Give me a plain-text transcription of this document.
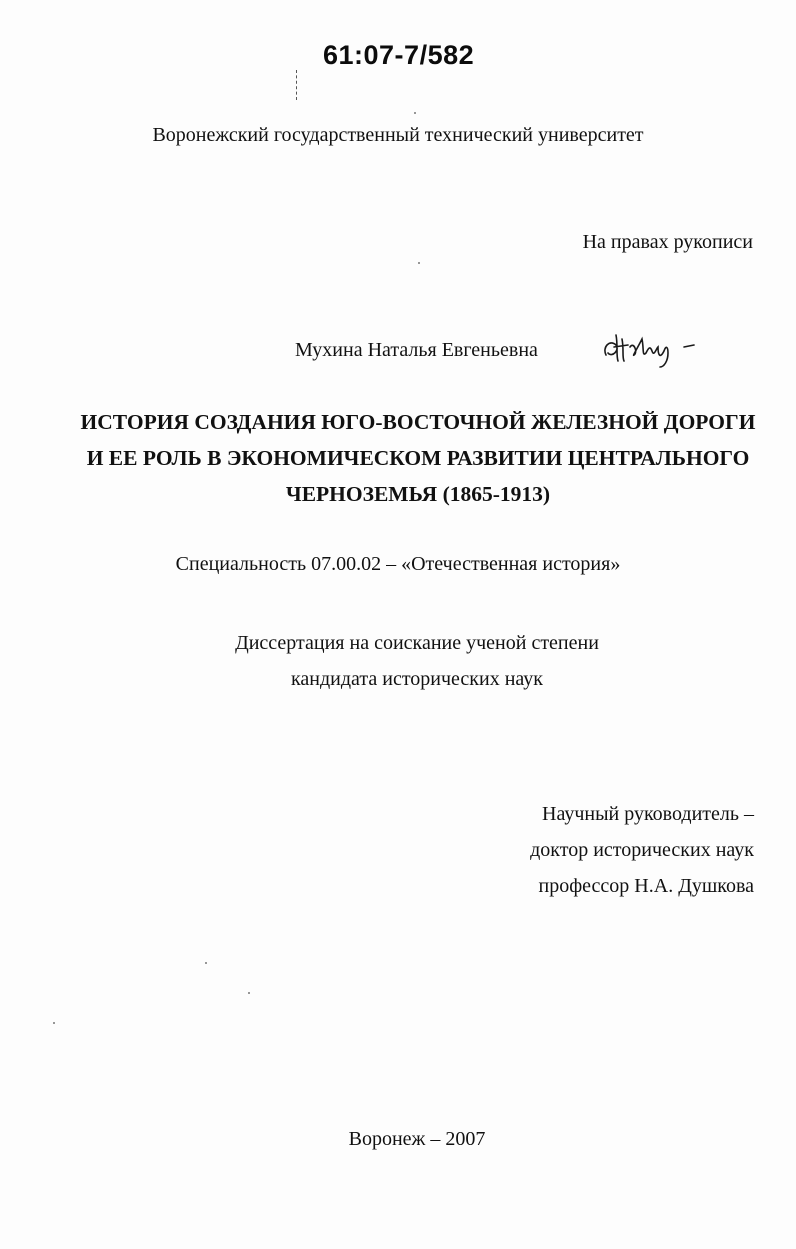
61:07-7/582
Воронежский государственный технический университет
На правах рукописи
Мухина Наталья Евгеньевна
ИСТОРИЯ СОЗДАНИЯ ЮГО-ВОСТОЧНОЙ ЖЕЛЕЗНОЙ ДОРОГИ
И ЕЕ РОЛЬ В ЭКОНОМИЧЕСКОМ РАЗВИТИИ ЦЕНТРАЛЬНОГО
ЧЕРНОЗЕМЬЯ (1865-1913)
Специальность 07.00.02 – «Отечественная история»
Диссертация на соискание ученой степени
кандидата исторических наук
Научный руководитель –
доктор исторических наук
профессор Н.А. Душкова
Воронеж – 2007
